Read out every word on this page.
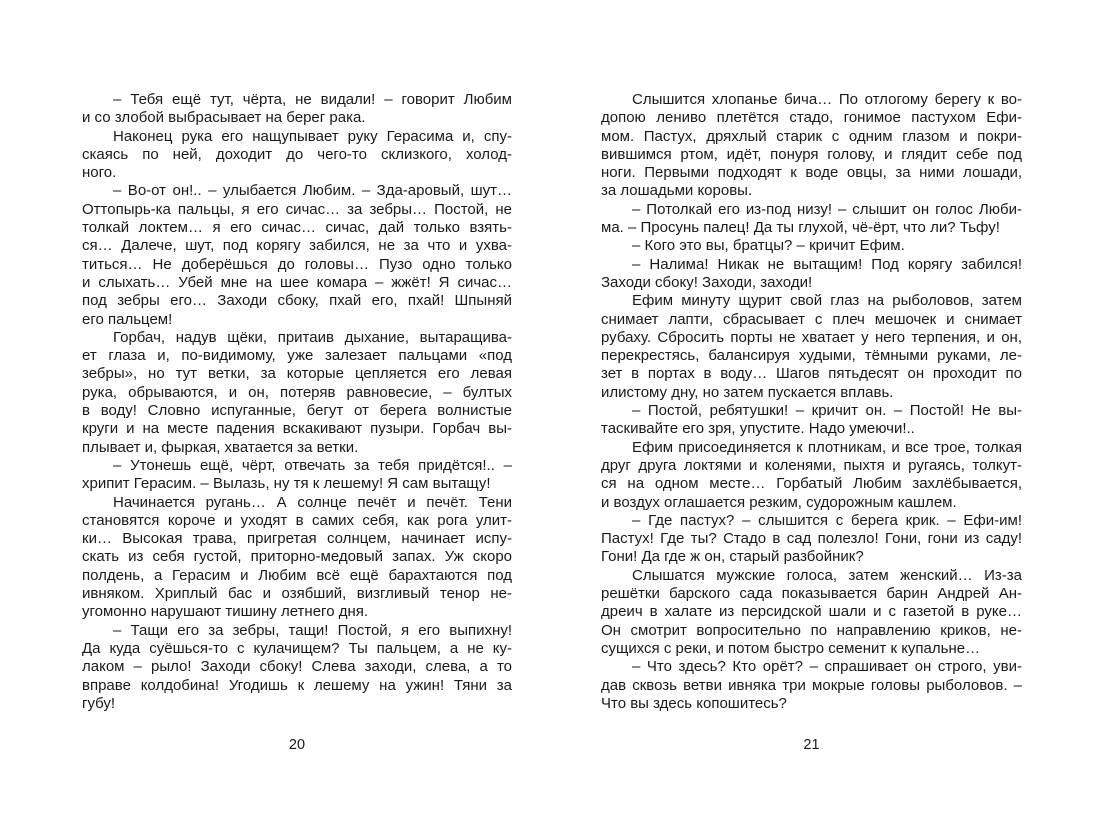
– Тебя ещё тут, чёрта, не видали! – говорит Любим
и со злобой выбрасывает на берег рака.
Наконец рука его нащупывает руку Герасима и, спу-
скаясь по ней, доходит до чего-то склизкого, холод-
ного.
– Во-от он!.. – улыбается Любим. – Зда-аровый, шут…
Оттопырь-ка пальцы, я его сичас… за зебры… Постой, не
толкай локтем… я его сичас… сичас, дай только взять-
ся… Далече, шут, под корягу забился, не за что и ухва-
титься… Не доберёшься до головы… Пузо одно только
и слыхать… Убей мне на шее комара – жжёт! Я сичас…
под зебры его… Заходи сбоку, пхай его, пхай! Шпыняй
его пальцем!
Горбач, надув щёки, притаив дыхание, вытаращива-
ет глаза и, по-видимому, уже залезает пальцами «под
зебры», но тут ветки, за которые цепляется его левая
рука, обрываются, и он, потеряв равновесие, – бултых
в воду! Словно испуганные, бегут от берега волнистые
круги и на месте падения вскакивают пузыри. Горбач вы-
плывает и, фыркая, хватается за ветки.
– Утонешь ещё, чёрт, отвечать за тебя придётся!.. –
хрипит Герасим. – Вылазь, ну тя к лешему! Я сам вытащу!
Начинается ругань… А солнце печёт и печёт. Тени
становятся короче и уходят в самих себя, как рога улит-
ки… Высокая трава, пригретая солнцем, начинает испу-
скать из себя густой, приторно-медовый запах. Уж скоро
полдень, а Герасим и Любим всё ещё барахтаются под
ивняком. Хриплый бас и озябший, визгливый тенор не-
угомонно нарушают тишину летнего дня.
– Тащи его за зебры, тащи! Постой, я его выпихну!
Да куда суёшься-то с кулачищем? Ты пальцем, а не ку-
лаком – рыло! Заходи сбоку! Слева заходи, слева, а то
вправе колдобина! Угодишь к лешему на ужин! Тяни за
губу!
20
Слышится хлопанье бича… По отлогому берегу к во-
допою лениво плетётся стадо, гонимое пастухом Ефи-
мом. Пастух, дряхлый старик с одним глазом и покри-
вившимся ртом, идёт, понуря голову, и глядит себе под
ноги. Первыми подходят к воде овцы, за ними лошади,
за лошадьми коровы.
– Потолкай его из-под низу! – слышит он голос Люби-
ма. – Просунь палец! Да ты глухой, чё-ёрт, что ли? Тьфу!
– Кого это вы, братцы? – кричит Ефим.
– Налима! Никак не вытащим! Под корягу забился!
Заходи сбоку! Заходи, заходи!
Ефим минуту щурит свой глаз на рыболовов, затем
снимает лапти, сбрасывает с плеч мешочек и снимает
рубаху. Сбросить порты не хватает у него терпения, и он,
перекрестясь, балансируя худыми, тёмными руками, ле-
зет в портах в воду… Шагов пятьдесят он проходит по
илистому дну, но затем пускается вплавь.
– Постой, ребятушки! – кричит он. – Постой! Не вы-
таскивайте его зря, упустите. Надо умеючи!..
Ефим присоединяется к плотникам, и все трое, толкая
друг друга локтями и коленями, пыхтя и ругаясь, толкут-
ся на одном месте… Горбатый Любим захлёбывается,
и воздух оглашается резким, судорожным кашлем.
– Где пастух? – слышится с берега крик. – Ефи-им!
Пастух! Где ты? Стадо в сад полезло! Гони, гони из саду!
Гони! Да где ж он, старый разбойник?
Слышатся мужские голоса, затем женский… Из-за
решётки барского сада показывается барин Андрей Ан-
дреич в халате из персидской шали и с газетой в руке…
Он смотрит вопросительно по направлению криков, не-
сущихся с реки, и потом быстро семенит к купальне…
– Что здесь? Кто орёт? – спрашивает он строго, уви-
дав сквозь ветви ивняка три мокрые головы рыболовов. –
Что вы здесь копошитесь?
21
